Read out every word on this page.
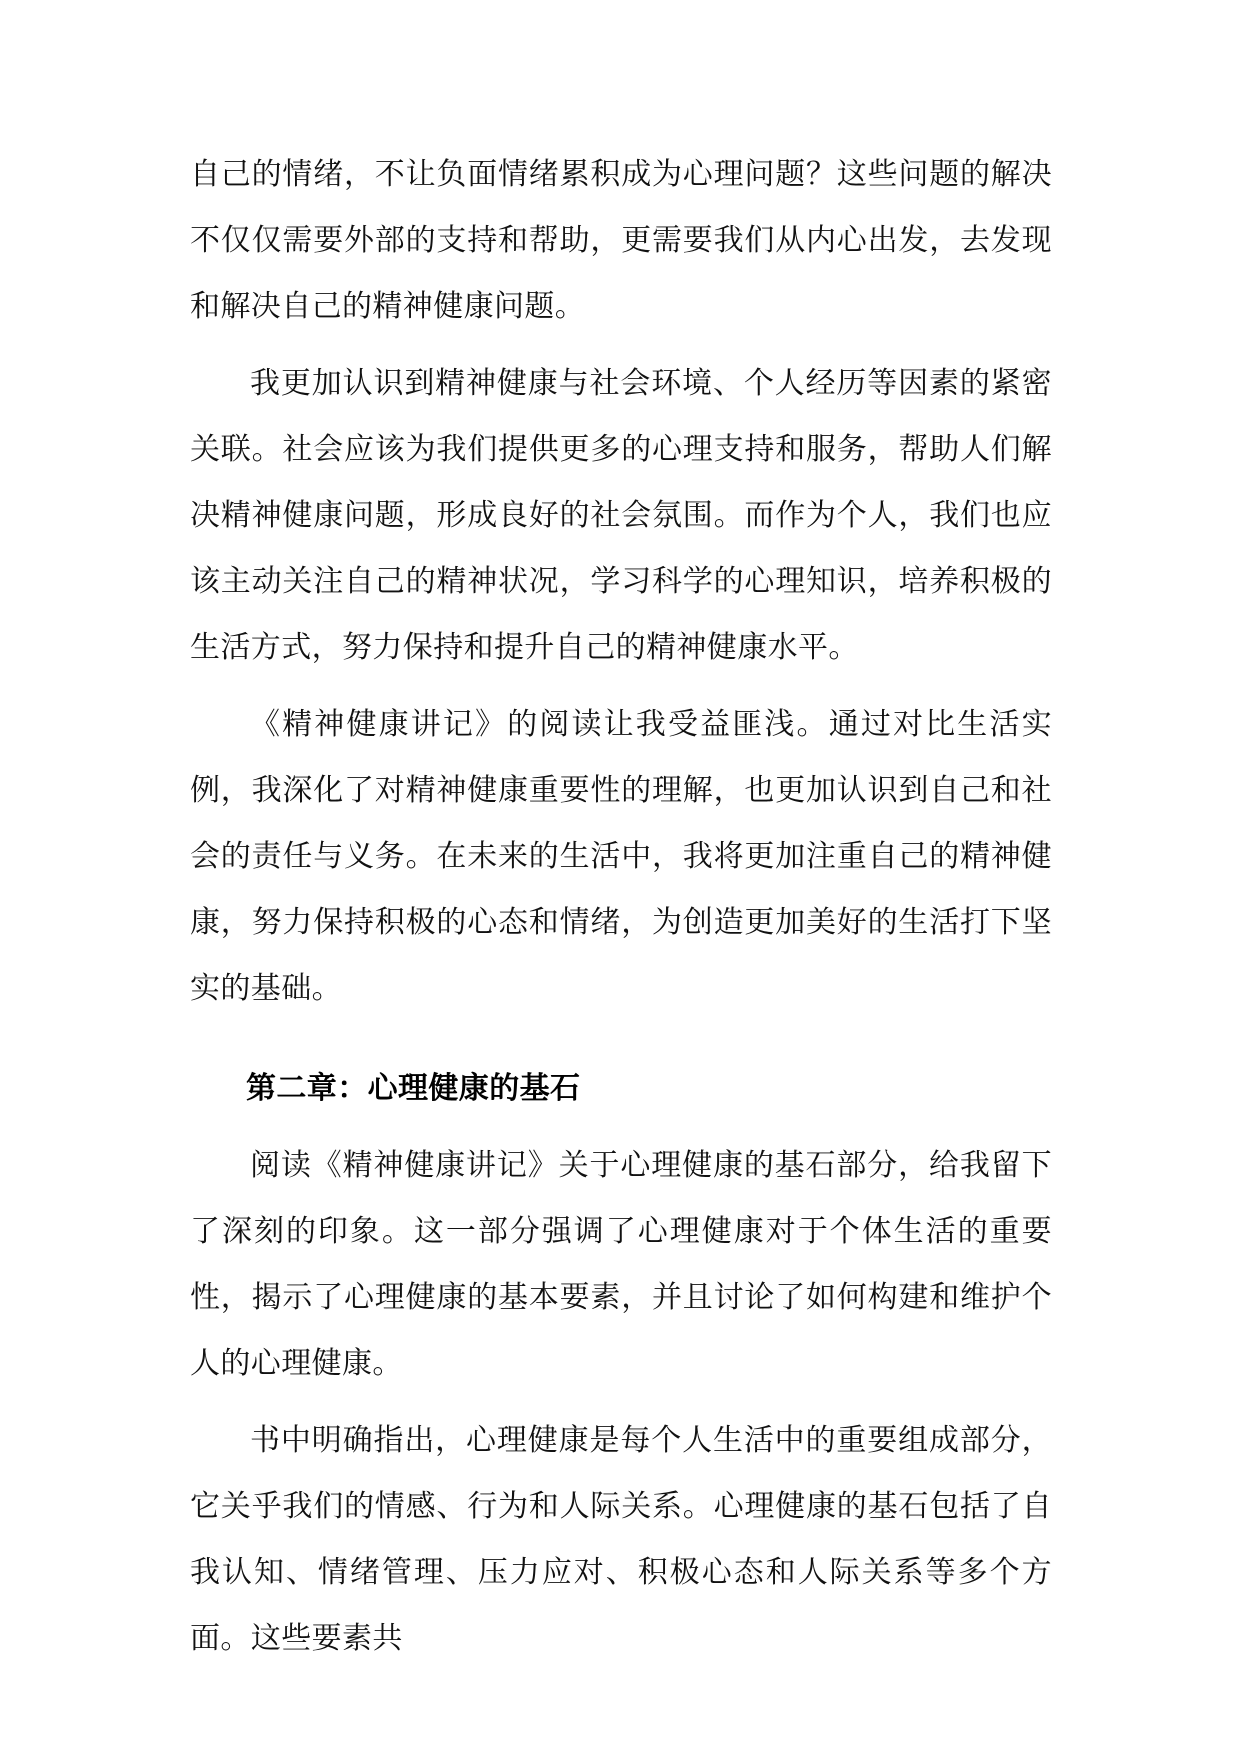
自己的情绪，不让负面情绪累积成为心理问题？这些问题的解决不仅仅需要外部的支持和帮助，更需要我们从内心出发，去发现和解决自己的精神健康问题。

我更加认识到精神健康与社会环境、个人经历等因素的紧密关联。社会应该为我们提供更多的心理支持和服务，帮助人们解决精神健康问题，形成良好的社会氛围。而作为个人，我们也应该主动关注自己的精神状况，学习科学的心理知识，培养积极的生活方式，努力保持和提升自己的精神健康水平。

《精神健康讲记》的阅读让我受益匪浅。通过对比生活实例，我深化了对精神健康重要性的理解，也更加认识到自己和社会的责任与义务。在未来的生活中，我将更加注重自己的精神健康，努力保持积极的心态和情绪，为创造更加美好的生活打下坚实的基础。

第二章：心理健康的基石

阅读《精神健康讲记》关于心理健康的基石部分，给我留下了深刻的印象。这一部分强调了心理健康对于个体生活的重要性，揭示了心理健康的基本要素，并且讨论了如何构建和维护个人的心理健康。

书中明确指出，心理健康是每个人生活中的重要组成部分，它关乎我们的情感、行为和人际关系。心理健康的基石包括了自我认知、情绪管理、压力应对、积极心态和人际关系等多个方面。这些要素共
